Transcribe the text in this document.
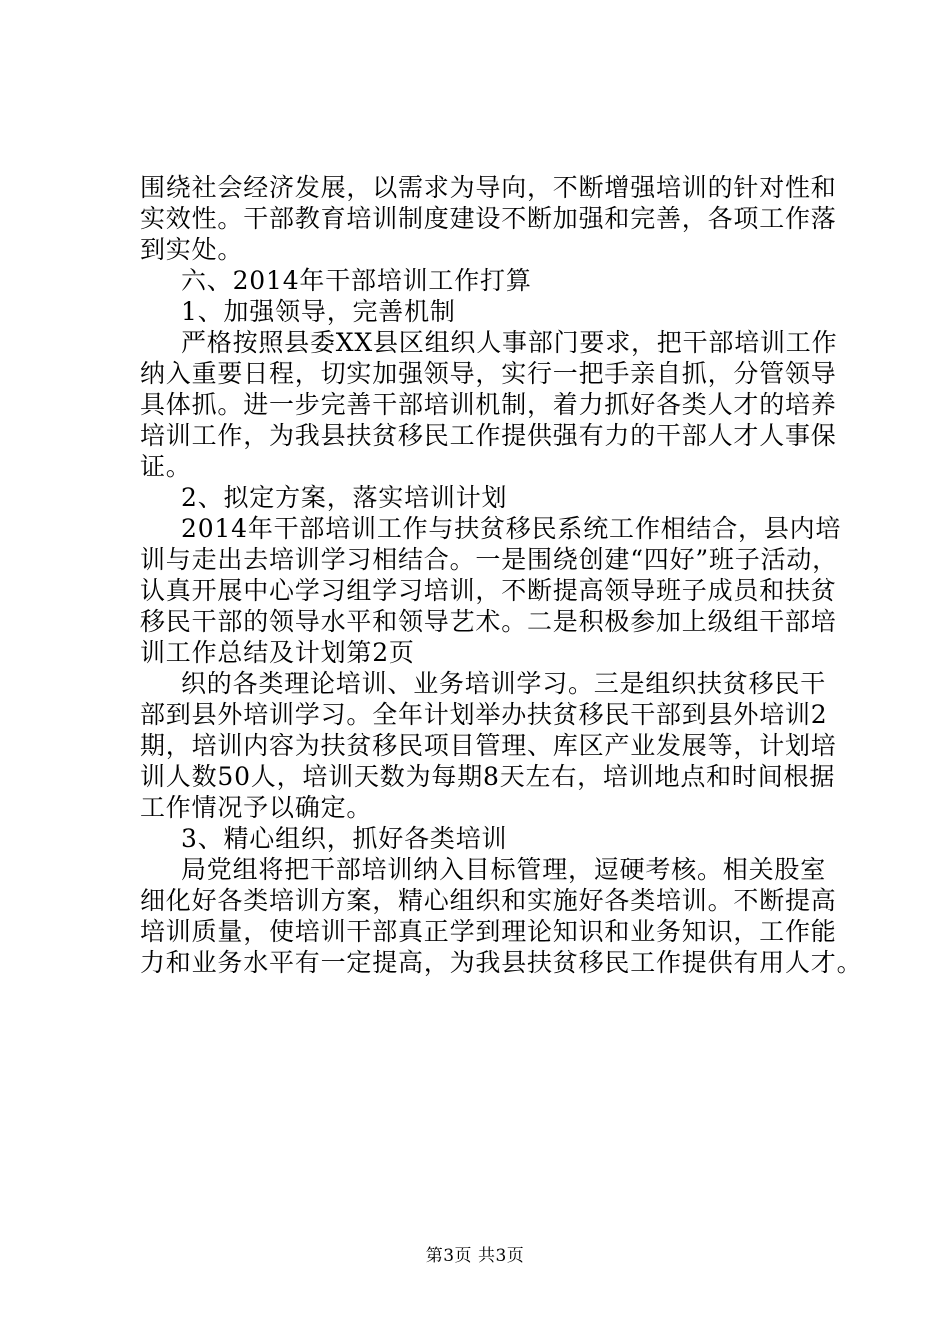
围绕社会经济发展，以需求为导向，不断增强培训的针对性和
实效性。干部教育培训制度建设不断加强和完善，各项工作落
到实处。
六、2014年干部培训工作打算
1、加强领导，完善机制
严格按照县委XX县区组织人事部门要求，把干部培训工作
纳入重要日程，切实加强领导，实行一把手亲自抓，分管领导
具体抓。进一步完善干部培训机制，着力抓好各类人才的培养
培训工作，为我县扶贫移民工作提供强有力的干部人才人事保
证。
2、拟定方案，落实培训计划
2014年干部培训工作与扶贫移民系统工作相结合，县内培
训与走出去培训学习相结合。一是围绕创建“四好”班子活动，
认真开展中心学习组学习培训，不断提高领导班子成员和扶贫
移民干部的领导水平和领导艺术。二是积极参加上级组干部培
训工作总结及计划第2页
织的各类理论培训、业务培训学习。三是组织扶贫移民干
部到县外培训学习。全年计划举办扶贫移民干部到县外培训2
期，培训内容为扶贫移民项目管理、库区产业发展等，计划培
训人数50人，培训天数为每期8天左右，培训地点和时间根据
工作情况予以确定。
3、精心组织，抓好各类培训
局党组将把干部培训纳入目标管理，逗硬考核。相关股室
细化好各类培训方案，精心组织和实施好各类培训。不断提高
培训质量，使培训干部真正学到理论知识和业务知识，工作能
力和业务水平有一定提高，为我县扶贫移民工作提供有用人才。
第3页 共3页
